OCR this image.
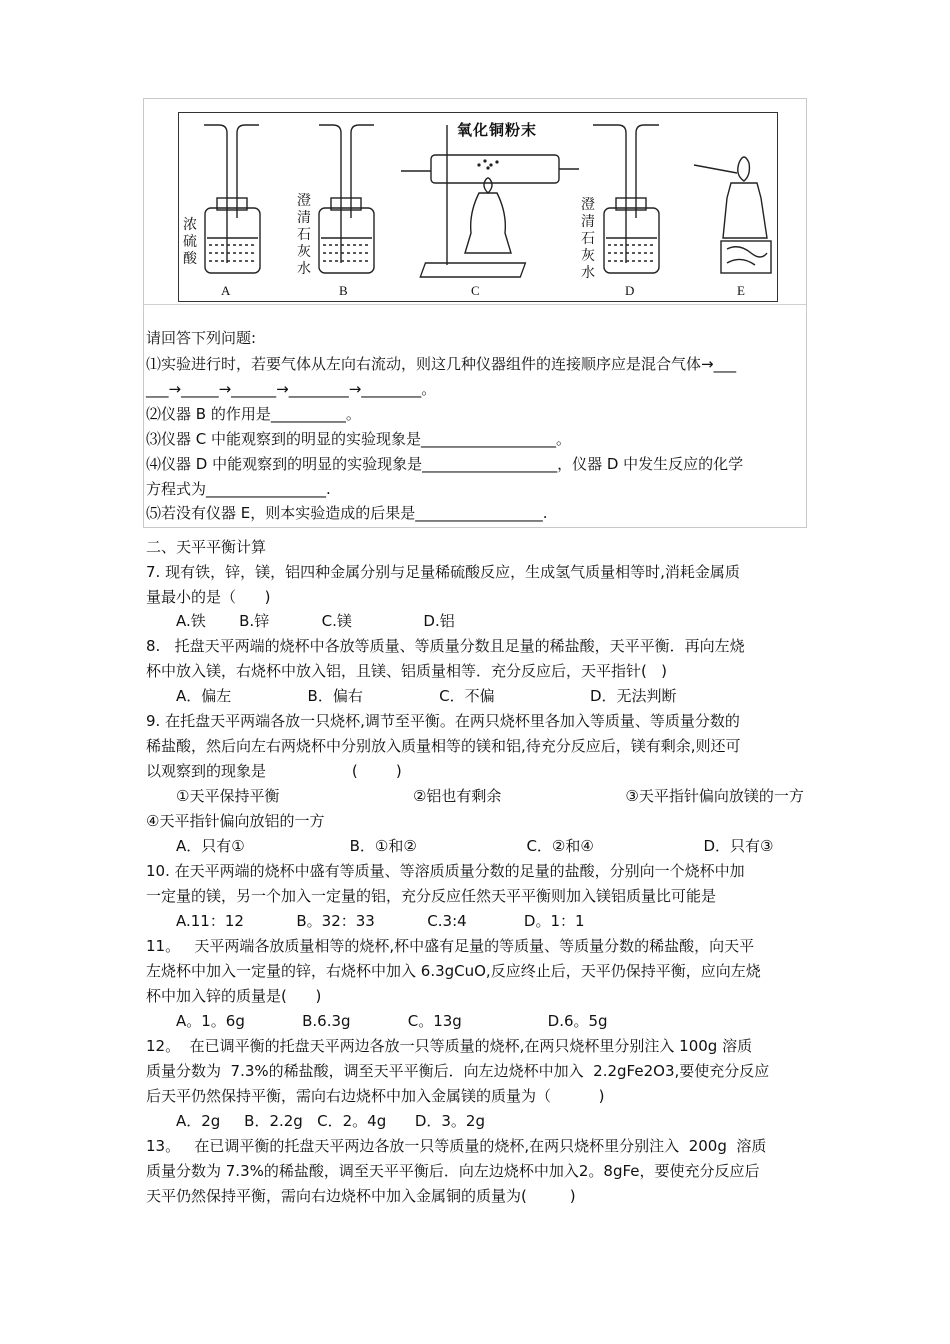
氧化铜粉末
浓硫酸
澄清石灰水
澄清石灰水
A	B	C	D	E
请回答下列问题:
⑴实验进行时，若要气体从左向右流动，则这几种仪器组件的连接顺序应是混合气体→___
___→_____→______→________→________。
⑵仪器 B 的作用是__________。
⑶仪器 C 中能观察到的明显的实验现象是__________________。
⑷仪器 D 中能观察到的明显的实验现象是__________________，仪器 D 中发生反应的化学
方程式为________________.
⑸若没有仪器 E，则本实验造成的后果是_________________.
二、天平平衡计算
7. 现有铁，锌，镁，铝四种金属分别与足量稀硫酸反应，生成氢气质量相等时,消耗金属质
量最小的是（      )
A.铁       B.锌           C.镁               D.铝
8.   托盘天平两端的烧杯中各放等质量、等质量分数且足量的稀盐酸，天平平衡．再向左烧
杯中放入镁，右烧杯中放入铝，且镁、铝质量相等．充分反应后，天平指针(   )
A．偏左                B．偏右                C．不偏                    D．无法判断
9. 在托盘天平两端各放一只烧杯,调节至平衡。在两只烧杯里各加入等质量、等质量分数的
稀盐酸，然后向左右两烧杯中分别放入质量相等的镁和铝,待充分反应后，镁有剩余,则还可
以观察到的现象是                  (        )
①天平保持平衡                            ②铝也有剩余                          ③天平指针偏向放镁的一方
④天平指针偏向放铝的一方
A．只有①                      B．①和②                       C．②和④                       D．只有③
10. 在天平两端的烧杯中盛有等质量、等溶质质量分数的足量的盐酸，分别向一个烧杯中加
一定量的镁，另一个加入一定量的铝，充分反应任然天平平衡则加入镁铝质量比可能是
A.11：12           B。32：33           C.3:4            D。1：1
11。   天平两端各放质量相等的烧杯,杯中盛有足量的等质量、等质量分数的稀盐酸，向天平
左烧杯中加入一定量的锌，右烧杯中加入 6.3gCuO,反应终止后，天平仍保持平衡，应向左烧
杯中加入锌的质量是(      )
A。1。6g            B.6.3g            C。13g                  D.6。5g
12。  在已调平衡的托盘天平两边各放一只等质量的烧杯,在两只烧杯里分别注入 100g 溶质
质量分数为  7.3%的稀盐酸，调至天平平衡后．向左边烧杯中加入  2.2gFe2O3,要使充分反应
后天平仍然保持平衡，需向右边烧杯中加入金属镁的质量为（          )
A．2g     B．2.2g   C．2。4g      D．3。2g
13。   在已调平衡的托盘天平两边各放一只等质量的烧杯,在两只烧杯里分别注入  200g  溶质
质量分数为 7.3%的稀盐酸，调至天平平衡后．向左边烧杯中加入2。8gFe，要使充分反应后
天平仍然保持平衡，需向右边烧杯中加入金属铜的质量为(         )
